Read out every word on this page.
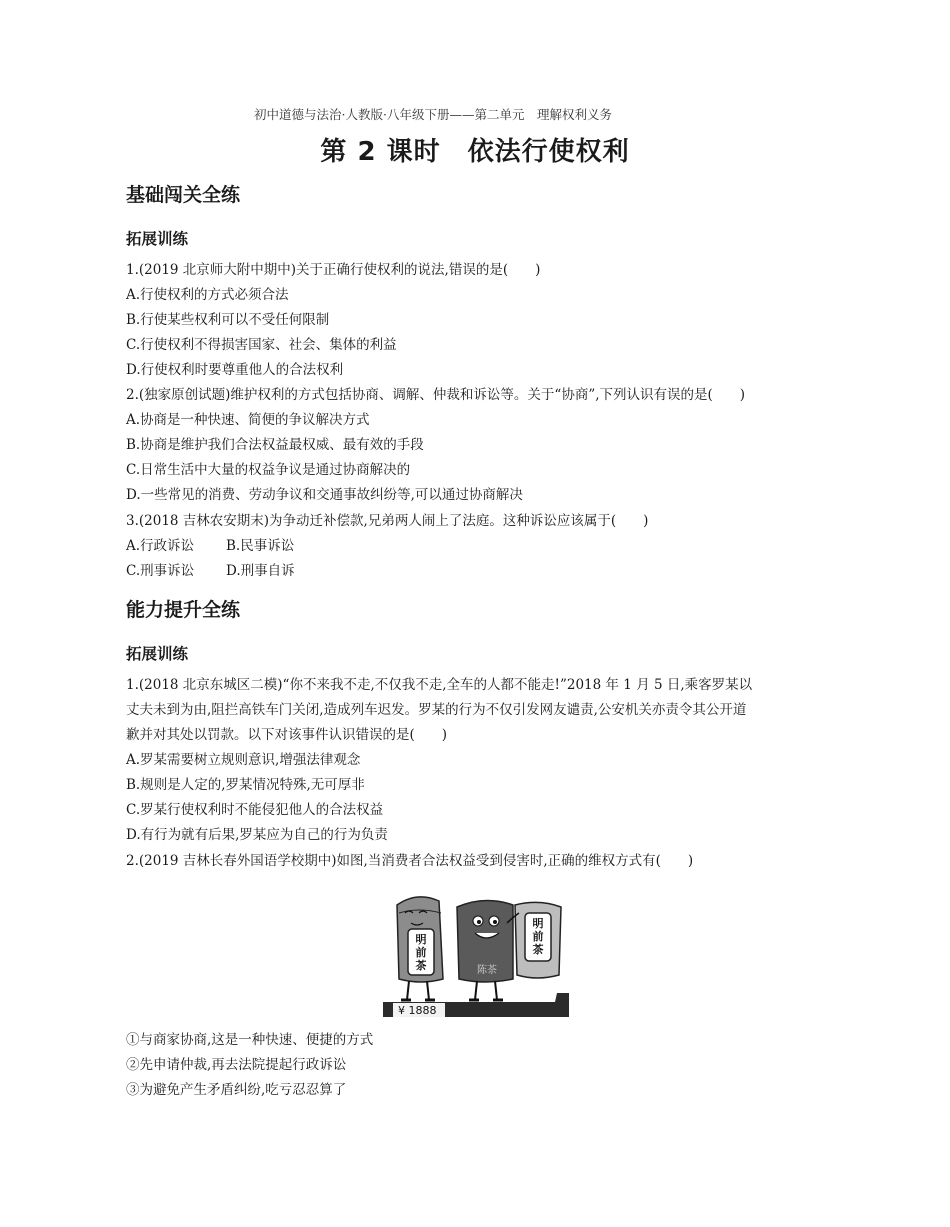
初中道德与法治·人教版·八年级下册——第二单元　理解权利义务
第 2 课时　依法行使权利
基础闯关全练
拓展训练
1.(2019 北京师大附中期中)关于正确行使权利的说法,错误的是(　　)
A.行使权利的方式必须合法
B.行使某些权利可以不受任何限制
C.行使权利不得损害国家、社会、集体的利益
D.行使权利时要尊重他人的合法权利
2.(独家原创试题)维护权利的方式包括协商、调解、仲裁和诉讼等。关于“协商”,下列认识有误的是(　　)
A.协商是一种快速、简便的争议解决方式
B.协商是维护我们合法权益最权威、最有效的手段
C.日常生活中大量的权益争议是通过协商解决的
D.一些常见的消费、劳动争议和交通事故纠纷等,可以通过协商解决
3.(2018 吉林农安期末)为争动迁补偿款,兄弟两人闹上了法庭。这种诉讼应该属于(　　)
A.行政诉讼 B.民事诉讼
C.刑事诉讼 D.刑事自诉
能力提升全练
拓展训练
1.(2018 北京东城区二模)“你不来我不走,不仅我不走,全车的人都不能走!”2018 年 1 月 5 日,乘客罗某以
丈夫未到为由,阻拦高铁车门关闭,造成列车迟发。罗某的行为不仅引发网友谴责,公安机关亦责令其公开道
歉并对其处以罚款。以下对该事件认识错误的是(　　)
A.罗某需要树立规则意识,增强法律观念
B.规则是人定的,罗某情况特殊,无可厚非
C.罗某行使权利时不能侵犯他人的合法权益
D.有行为就有后果,罗某应为自己的行为负责
2.(2019 吉林长春外国语学校期中)如图,当消费者合法权益受到侵害时,正确的维权方式有(　　)
¥ 1888
明前茶	陈茶
明前茶
①与商家协商,这是一种快速、便捷的方式
②先申请仲裁,再去法院提起行政诉讼
③为避免产生矛盾纠纷,吃亏忍忍算了
